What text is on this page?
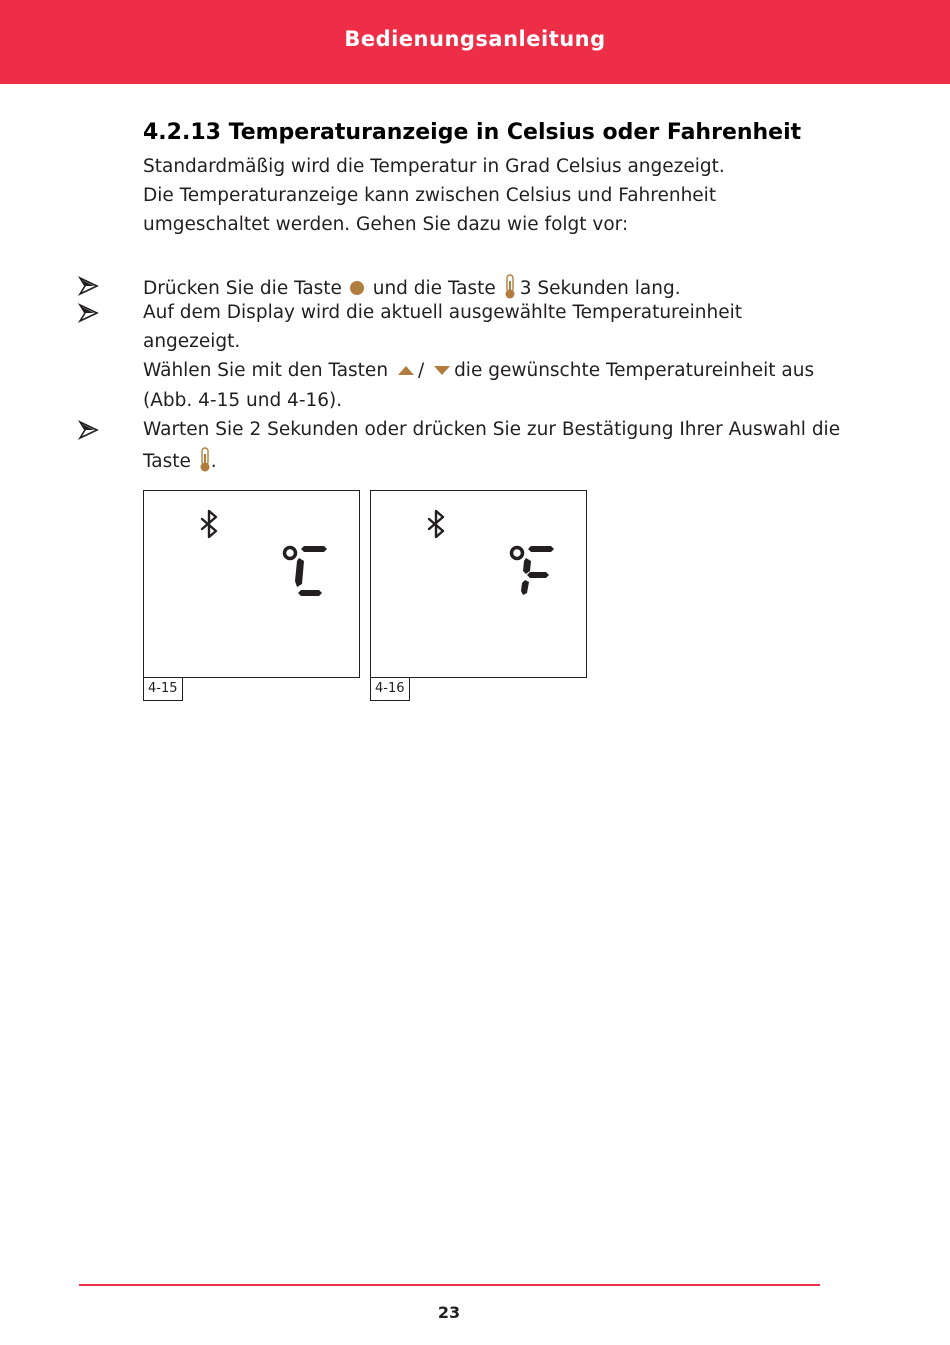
Bedienungsanleitung
4.2.13 Temperaturanzeige in Celsius oder Fahrenheit
Standardmäßig wird die Temperatur in Grad Celsius angezeigt.
Die Temperaturanzeige kann zwischen Celsius und Fahrenheit
umgeschaltet werden. Gehen Sie dazu wie folgt vor:
Drücken Sie die Taste und die Taste 3 Sekunden lang.
Auf dem Display wird die aktuell ausgewählte Temperatureinheit
angezeigt.
Wählen Sie mit den Tasten / die gewünschte Temperatureinheit aus
(Abb. 4-15 und 4-16).
Warten Sie 2 Sekunden oder drücken Sie zur Bestätigung Ihrer Auswahl die
Taste .
4-15	4-16
23
